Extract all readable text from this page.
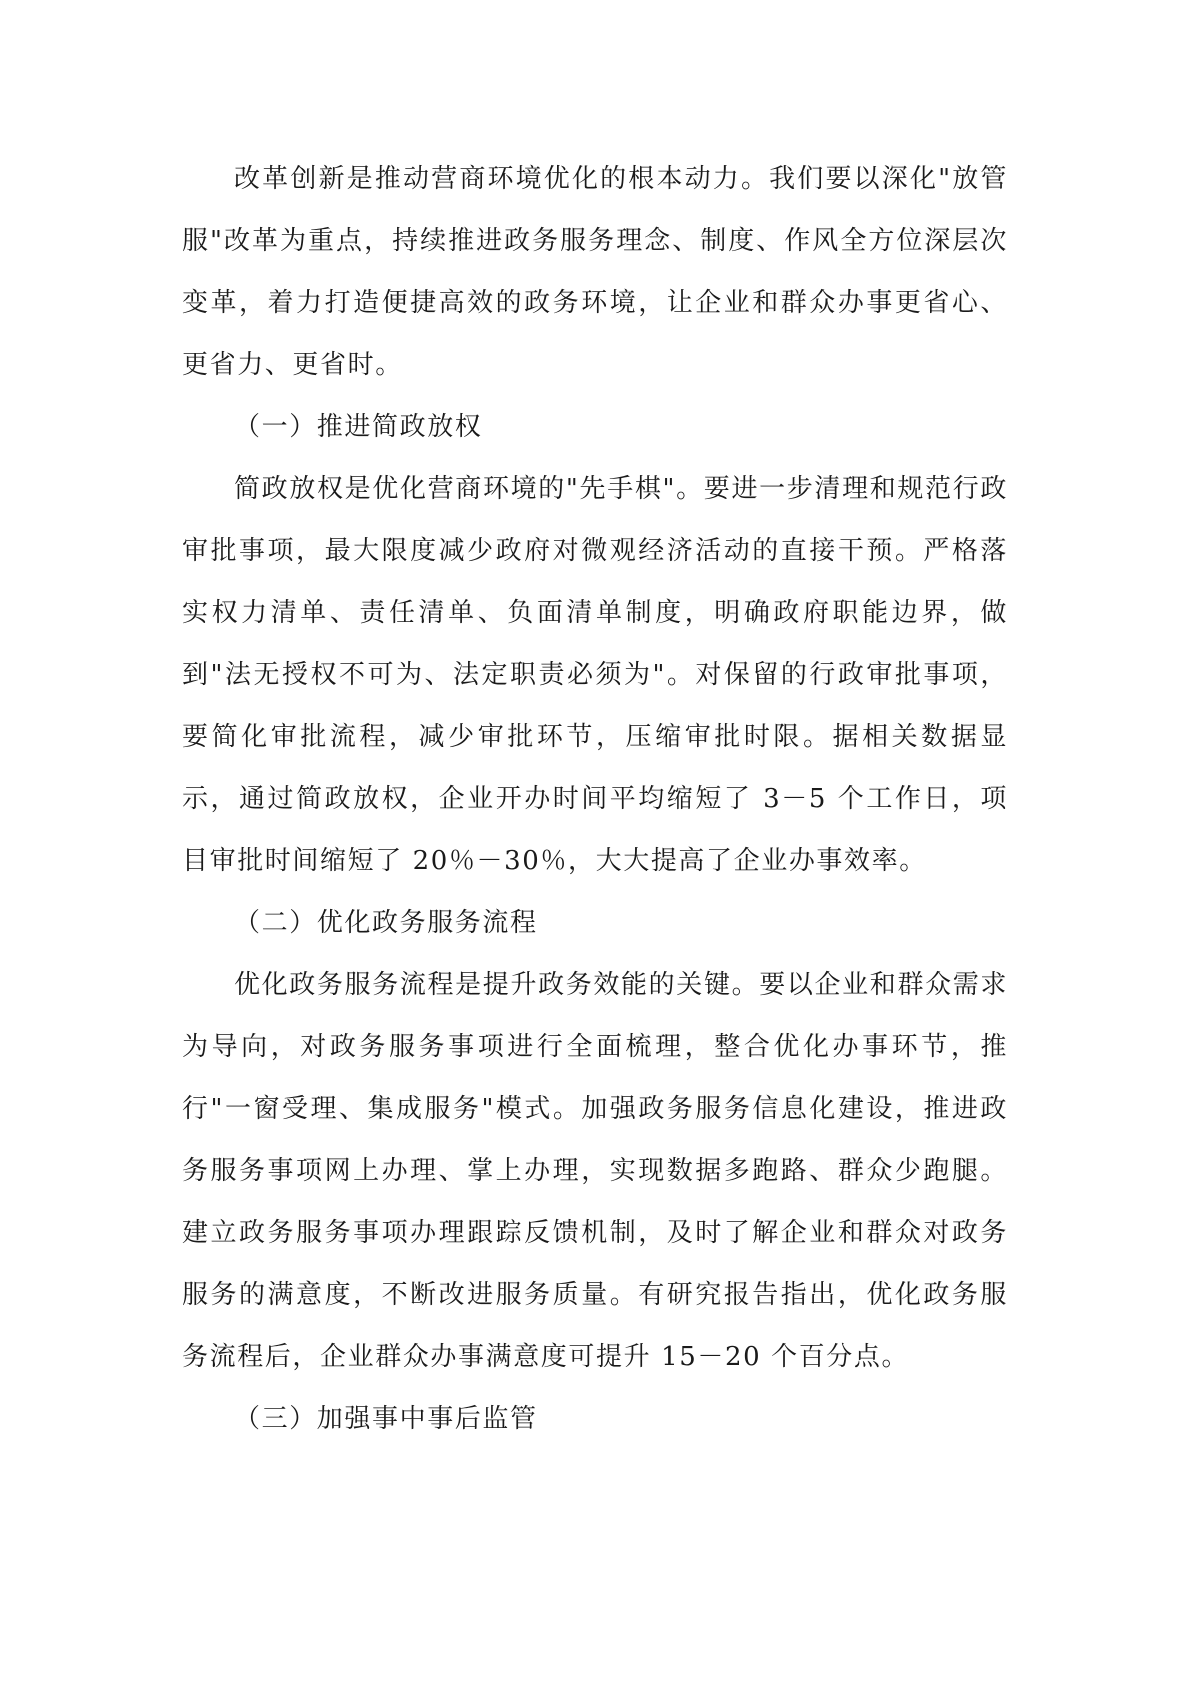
改革创新是推动营商环境优化的根本动力。我们要以深化"放管服"改革为重点，持续推进政务服务理念、制度、作风全方位深层次变革，着力打造便捷高效的政务环境，让企业和群众办事更省心、更省力、更省时。

（一）推进简政放权

简政放权是优化营商环境的"先手棋"。要进一步清理和规范行政审批事项，最大限度减少政府对微观经济活动的直接干预。严格落实权力清单、责任清单、负面清单制度，明确政府职能边界，做到"法无授权不可为、法定职责必须为"。对保留的行政审批事项，要简化审批流程，减少审批环节，压缩审批时限。据相关数据显示，通过简政放权，企业开办时间平均缩短了 3－5 个工作日，项目审批时间缩短了 20％－30％，大大提高了企业办事效率。

（二）优化政务服务流程

优化政务服务流程是提升政务效能的关键。要以企业和群众需求为导向，对政务服务事项进行全面梳理，整合优化办事环节，推行"一窗受理、集成服务"模式。加强政务服务信息化建设，推进政务服务事项网上办理、掌上办理，实现数据多跑路、群众少跑腿。建立政务服务事项办理跟踪反馈机制，及时了解企业和群众对政务服务的满意度，不断改进服务质量。有研究报告指出，优化政务服务流程后，企业群众办事满意度可提升 15－20 个百分点。

（三）加强事中事后监管
